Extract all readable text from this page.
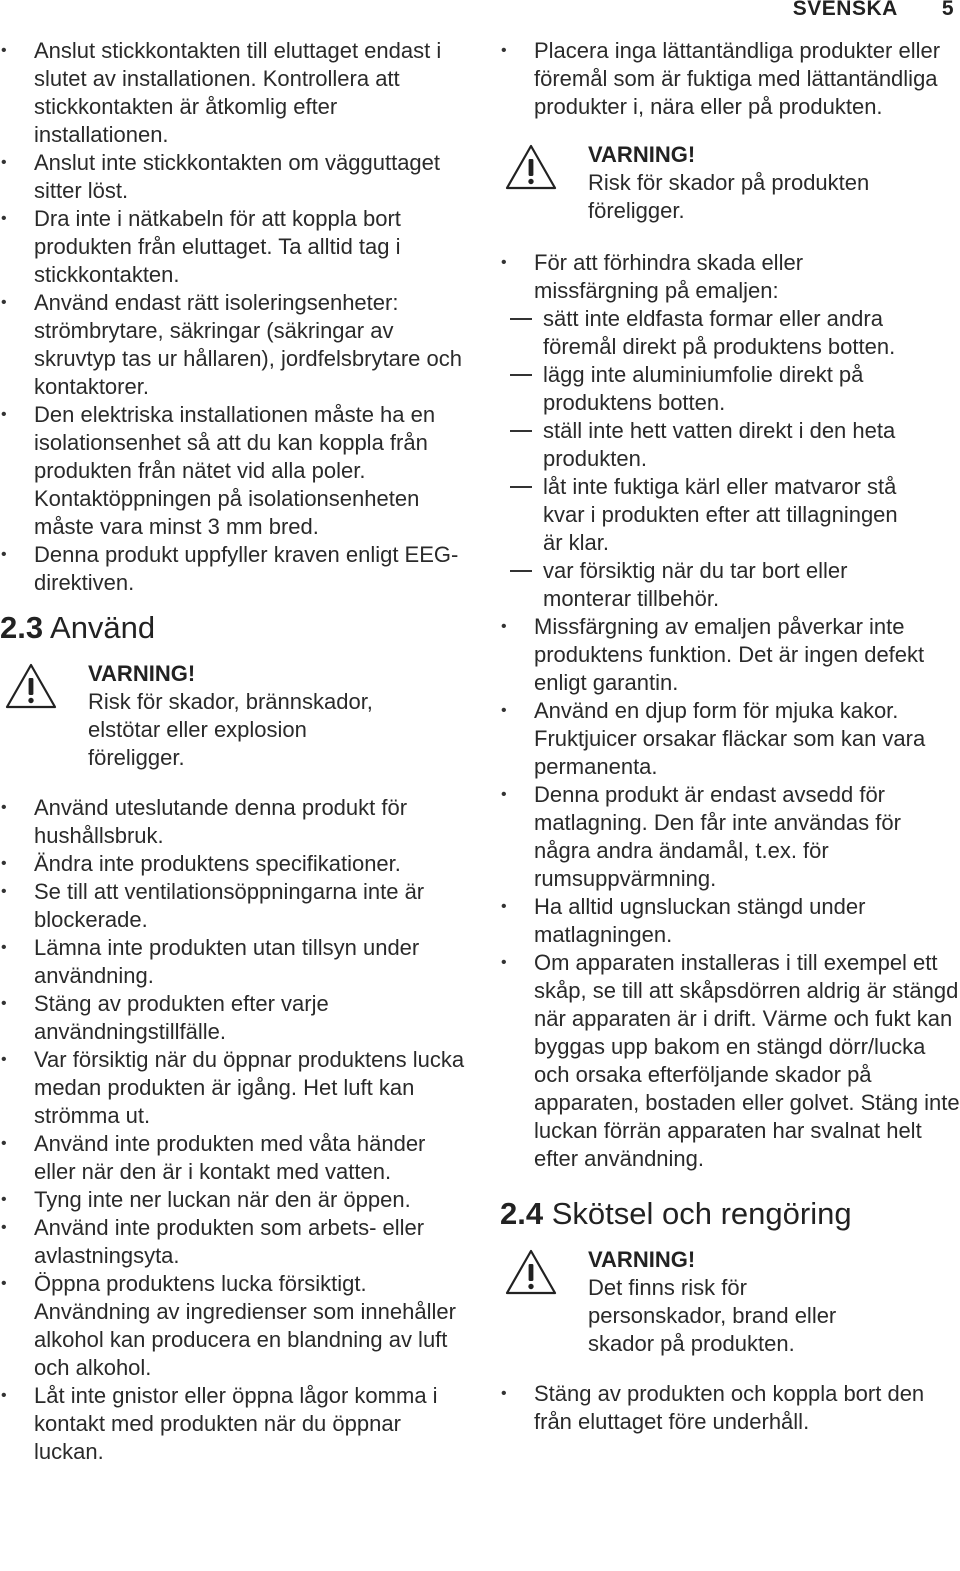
SVENSKA 5
• Anslut stickkontakten till eluttaget endast i slutet av installationen. Kontrollera att stickkontakten är åtkomlig efter installationen.
• Anslut inte stickkontakten om vägguttaget sitter löst.
• Dra inte i nätkabeln för att koppla bort produkten från eluttaget. Ta alltid tag i stickkontakten.
• Använd endast rätt isoleringsenheter: strömbrytare, säkringar (säkringar av skruvtyp tas ur hållaren), jordfelsbrytare och kontaktorer.
• Den elektriska installationen måste ha en isolationsenhet så att du kan koppla från produkten från nätet vid alla poler. Kontaktöppningen på isolationsenheten måste vara minst 3 mm bred.
• Denna produkt uppfyller kraven enligt EEG-direktiven.
2.3 Använd
VARNING!
Risk för skador, brännskador, elstötar eller explosion föreligger.
• Använd uteslutande denna produkt för hushållsbruk.
• Ändra inte produktens specifikationer.
• Se till att ventilationsöppningarna inte är blockerade.
• Lämna inte produkten utan tillsyn under användning.
• Stäng av produkten efter varje användningstillfälle.
• Var försiktig när du öppnar produktens lucka medan produkten är igång. Het luft kan strömma ut.
• Använd inte produkten med våta händer eller när den är i kontakt med vatten.
• Tyng inte ner luckan när den är öppen.
• Använd inte produkten som arbets- eller avlastningsyta.
• Öppna produktens lucka försiktigt. Användning av ingredienser som innehåller alkohol kan producera en blandning av luft och alkohol.
• Låt inte gnistor eller öppna lågor komma i kontakt med produkten när du öppnar luckan.
• Placera inga lättantändliga produkter eller föremål som är fuktiga med lättantändliga produkter i, nära eller på produkten.
VARNING!
Risk för skador på produkten föreligger.
• För att förhindra skada eller missfärgning på emaljen:
sätt inte eldfasta formar eller andra föremål direkt på produktens botten.
lägg inte aluminiumfolie direkt på produktens botten.
ställ inte hett vatten direkt i den heta produkten.
låt inte fuktiga kärl eller matvaror stå kvar i produkten efter att tillagningen är klar.
var försiktig när du tar bort eller monterar tillbehör.
• Missfärgning av emaljen påverkar inte produktens funktion. Det är ingen defekt enligt garantin.
• Använd en djup form för mjuka kakor. Fruktjuicer orsakar fläckar som kan vara permanenta.
• Denna produkt är endast avsedd för matlagning. Den får inte användas för några andra ändamål, t.ex. för rumsuppvärmning.
• Ha alltid ugnsluckan stängd under matlagningen.
• Om apparaten installeras i till exempel ett skåp, se till att skåpsdörren aldrig är stängd när apparaten är i drift. Värme och fukt kan byggas upp bakom en stängd dörr/lucka och orsaka efterföljande skador på apparaten, bostaden eller golvet. Stäng inte luckan förrän apparaten har svalnat helt efter användning.
2.4 Skötsel och rengöring
VARNING!
Det finns risk för personskador, brand eller skador på produkten.
• Stäng av produkten och koppla bort den från eluttaget före underhåll.
